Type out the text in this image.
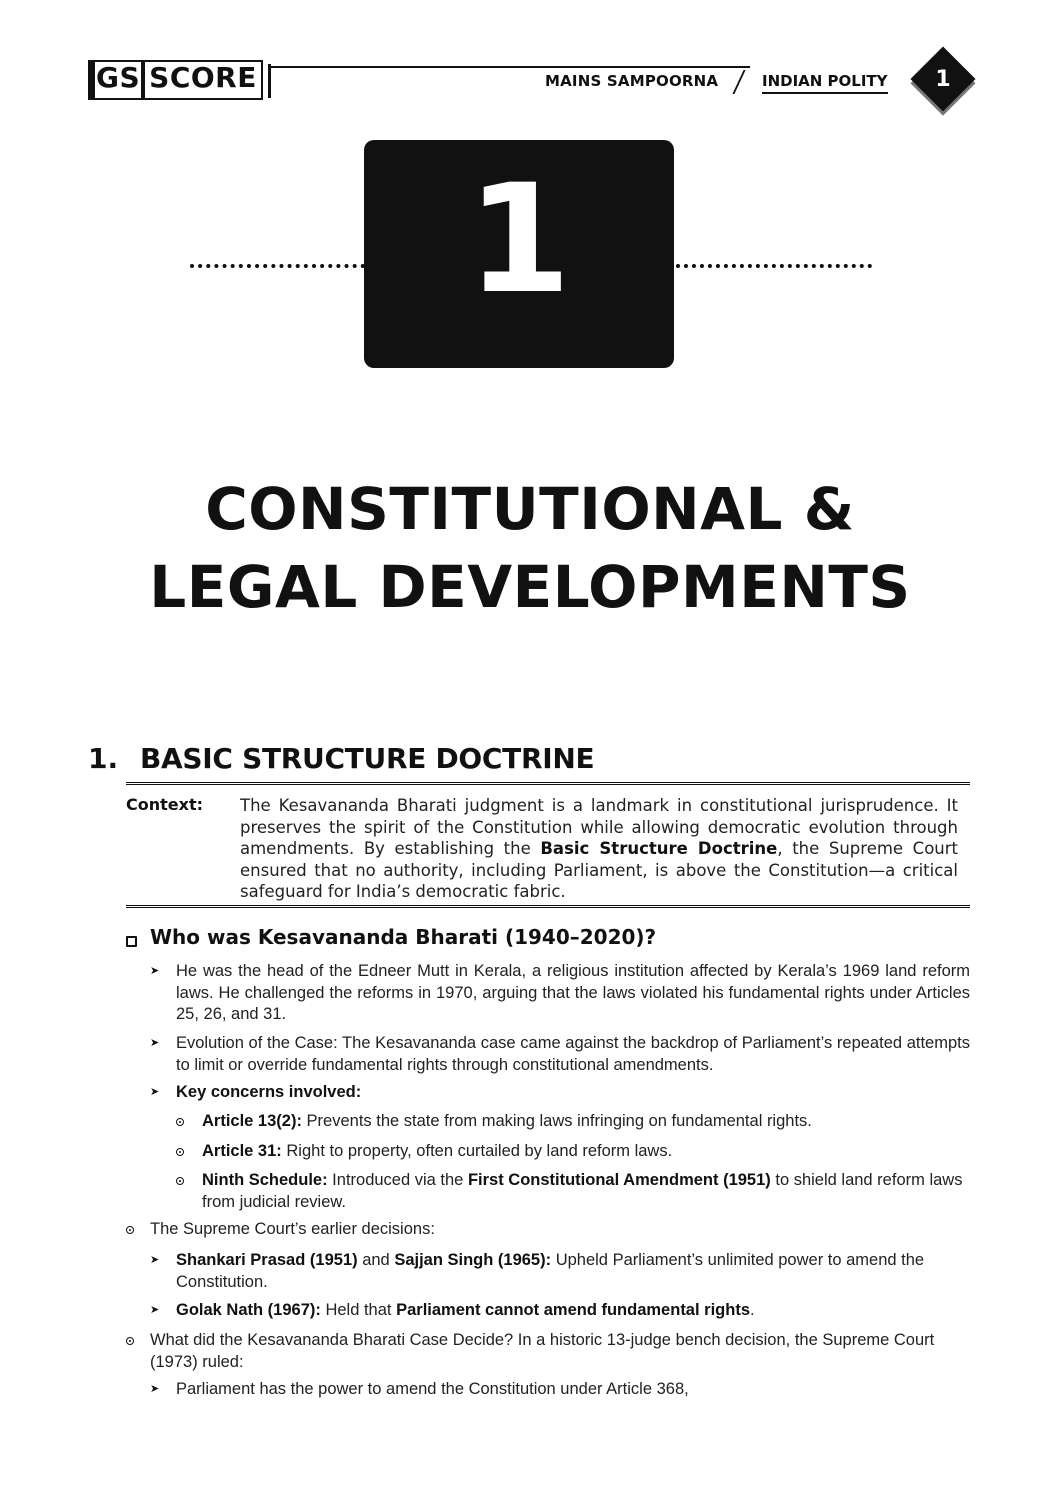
GS SCORE	MAINS SAMPOORNA	INDIAN POLITY	1
1
CONSTITUTIONAL &
LEGAL DEVELOPMENTS
1. BASIC STRUCTURE DOCTRINE
Context: The Kesavananda Bharati judgment is a landmark in constitutional jurisprudence. It preserves the spirit of the Constitution while allowing democratic evolution through amendments. By establishing the Basic Structure Doctrine, the Supreme Court ensured that no authority, including Parliament, is above the Constitution—a critical safeguard for India’s democratic fabric.
Who was Kesavananda Bharati (1940–2020)?
➤ He was the head of the Edneer Mutt in Kerala, a religious institution affected by Kerala’s 1969 land reform laws. He challenged the reforms in 1970, arguing that the laws violated his fundamental rights under Articles 25, 26, and 31.
➤ Evolution of the Case: The Kesavananda case came against the backdrop of Parliament’s repeated attempts to limit or override fundamental rights through constitutional amendments.
➤ Key concerns involved:
Article 13(2): Prevents the state from making laws infringing on fundamental rights.
Article 31: Right to property, often curtailed by land reform laws.
Ninth Schedule: Introduced via the First Constitutional Amendment (1951) to shield land reform laws from judicial review.
The Supreme Court’s earlier decisions:
➤ Shankari Prasad (1951) and Sajjan Singh (1965): Upheld Parliament’s unlimited power to amend the Constitution.
➤ Golak Nath (1967): Held that Parliament cannot amend fundamental rights.
What did the Kesavananda Bharati Case Decide? In a historic 13-judge bench decision, the Supreme Court (1973) ruled:
➤ Parliament has the power to amend the Constitution under Article 368,
